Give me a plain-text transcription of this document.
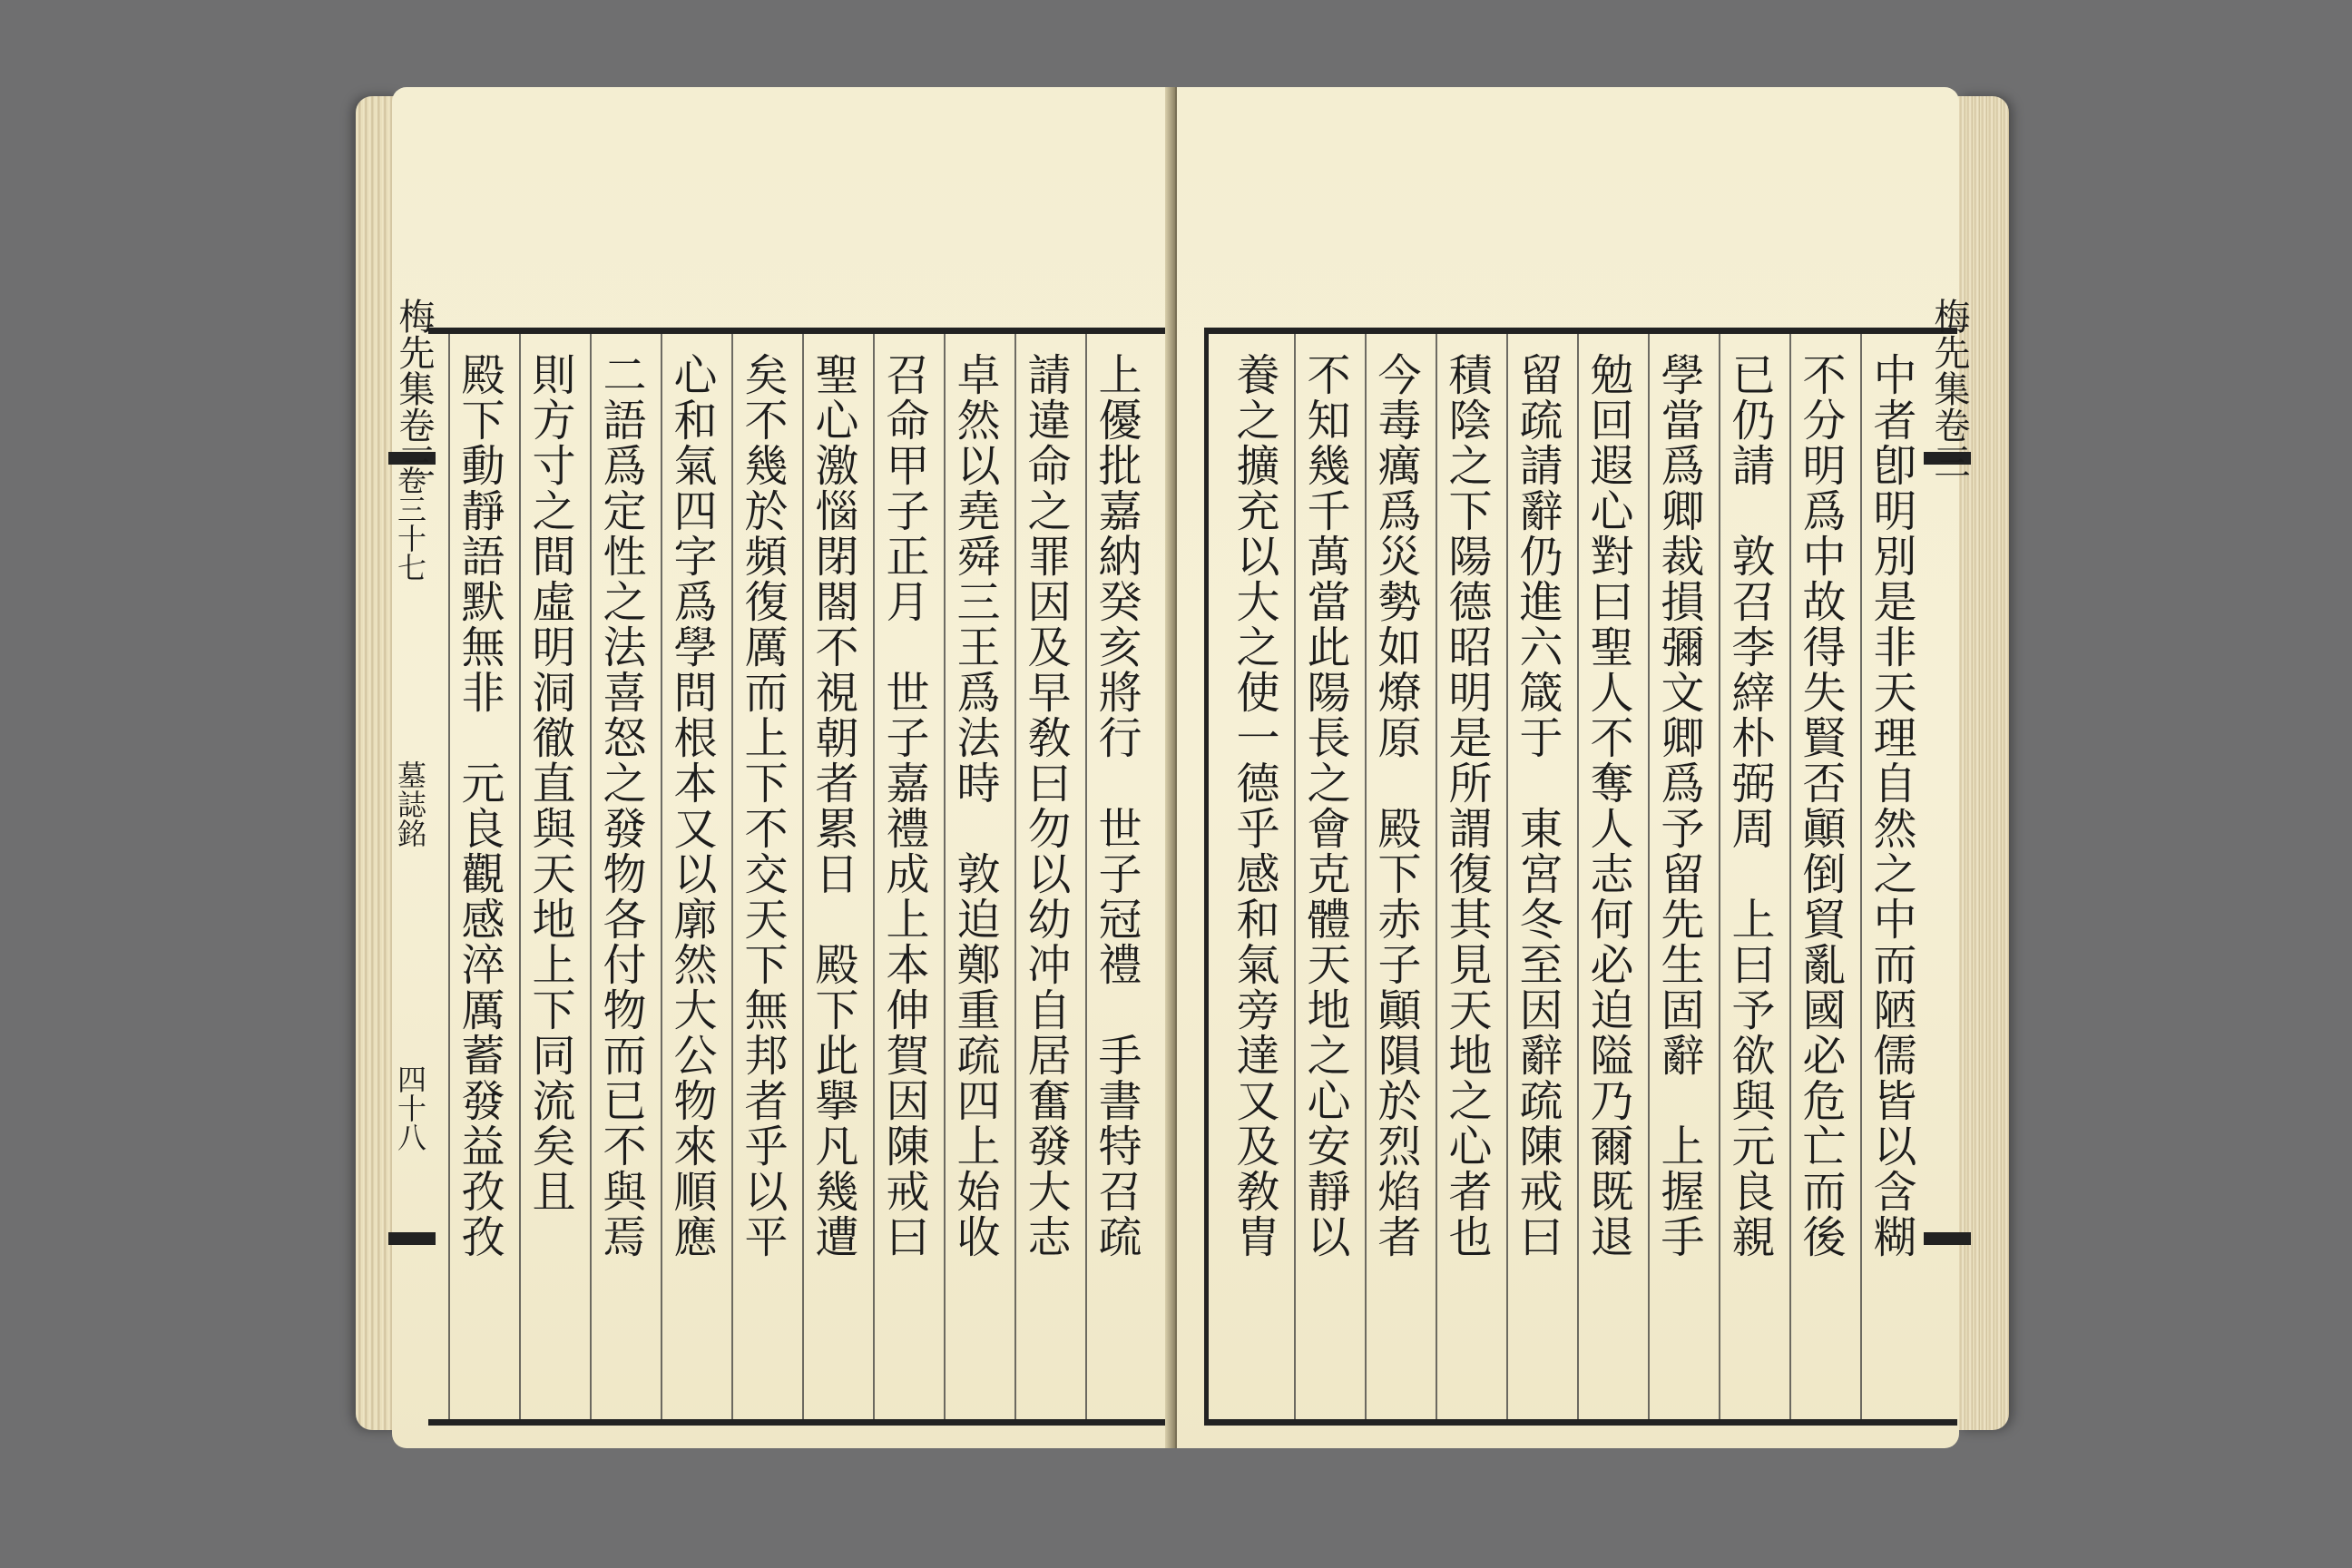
梅先集卷三
卷三十七
墓誌銘
四十八 殿下動靜語默無非　元良觀感淬厲蓄發益孜孜 則方寸之間虛明洞徹直與天地上下同流矣且 二語爲定性之法喜怒之發物各付物而已不與焉 心和氣四字爲學問根本又以廓然大公物來順應 矣不幾於頻復厲而上下不交天下無邦者乎以平 聖心激惱閉閤不視朝者累日　殿下此擧凡幾遭 召命甲子正月　世子嘉禮成上本伸賀因陳戒曰 卓然以堯舜三王爲法時　敦迫鄭重疏四上始收 請違命之罪因及早敎曰勿以幼冲自居奮發大志 上優批嘉納癸亥將行　世子冠禮　手書特召疏 養之擴充以大之使一德乎感和氣旁達又及敎胄 不知幾千萬當此陽長之會克體天地之心安靜以 今毒癘爲災勢如燎原　殿下赤子顚隕於烈焰者 積陰之下陽德昭明是所謂復其見天地之心者也 留疏請辭仍進六箴于　東宮冬至因辭疏陳戒曰 勉回遐心對曰聖人不奪人志何必迫隘乃爾既退 學當爲卿裁損彌文卿爲予留先生固辭　上握手 已仍請　敦召李縡朴弼周　上曰予欲與元良親 不分明爲中故得失賢否顚倒貿亂國必危亡而後 中者卽明別是非天理自然之中而陋儒皆以含糊 梅先集卷三
